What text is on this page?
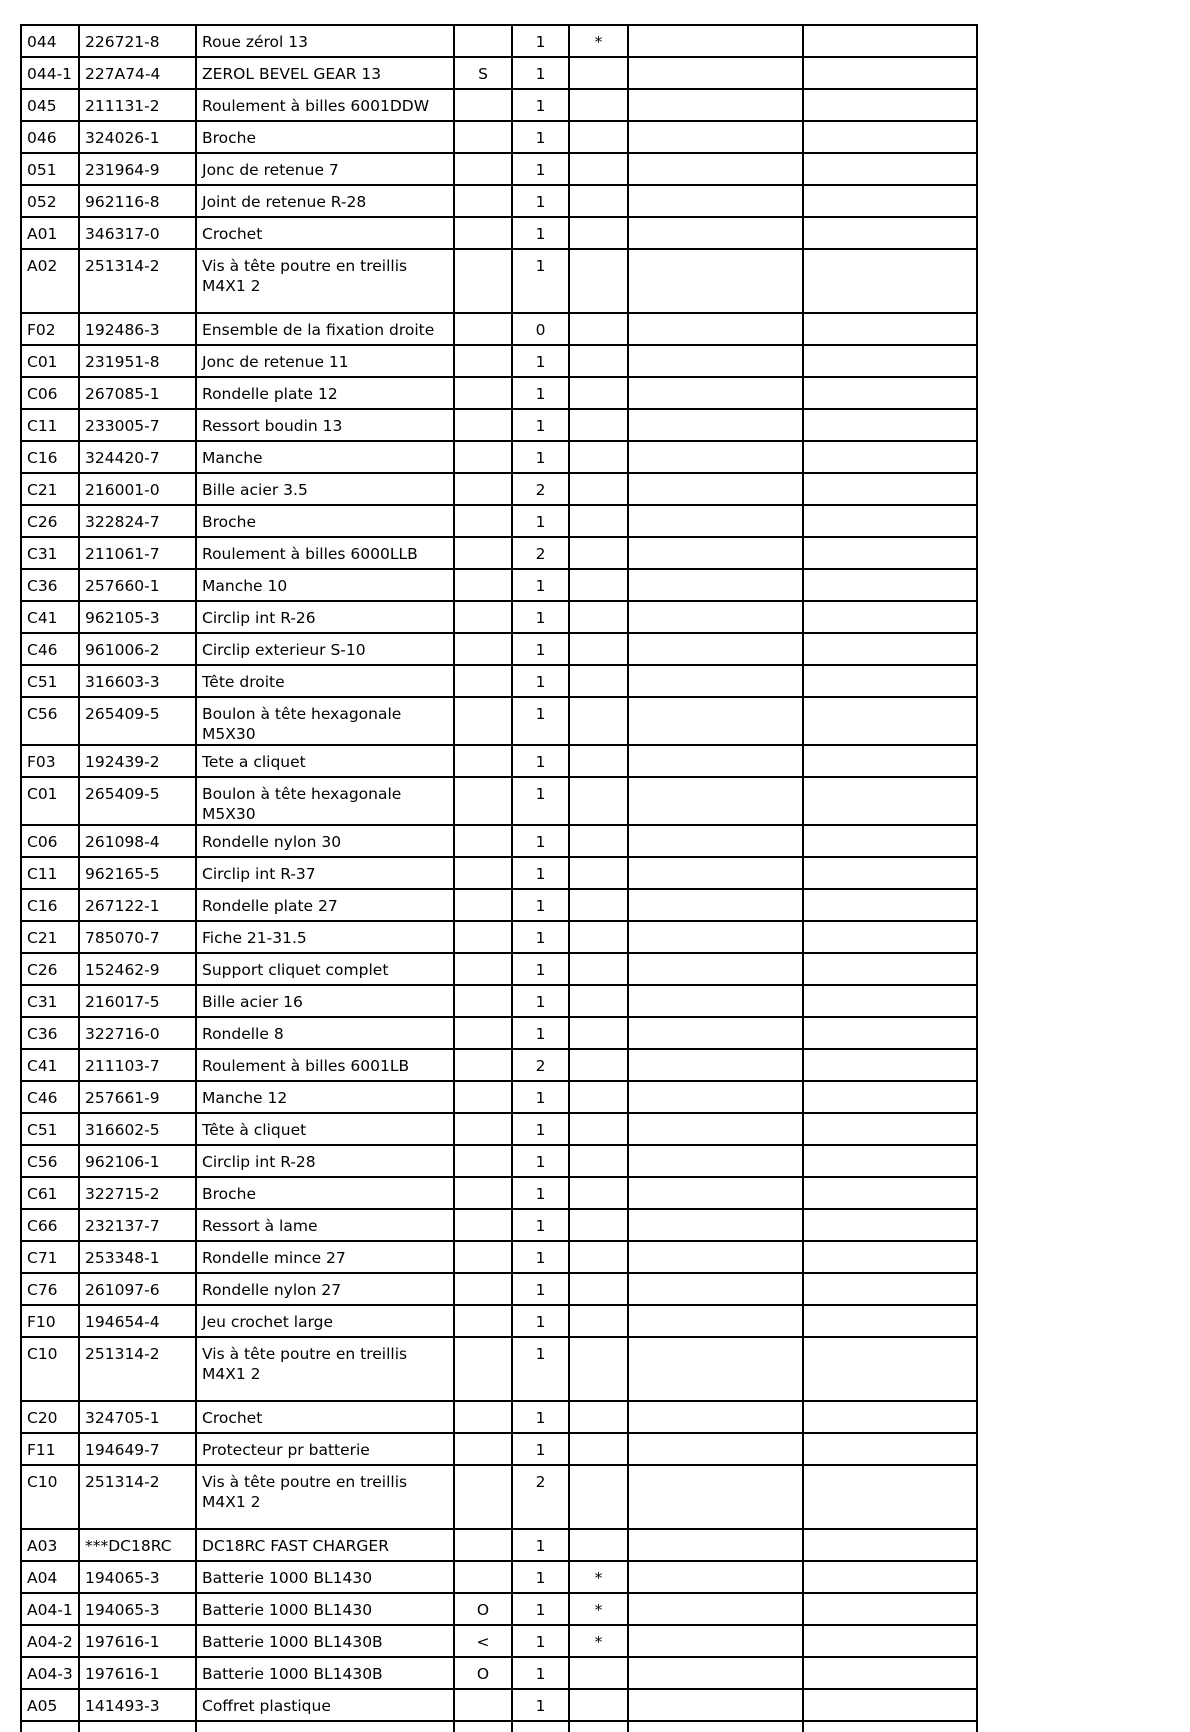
044	226721-8	Roue zérol 13		1	*		
044-1	227A74-4	ZEROL BEVEL GEAR 13	S	1			
045	211131-2	Roulement à billes 6001DDW		1			
046	324026-1	Broche		1			
051	231964-9	Jonc de retenue 7		1			
052	962116-8	Joint de retenue R-28		1			
A01	346317-0	Crochet		1			
A02	251314-2	Vis à tête poutre en treillis M4X1 2		1			
F02	192486-3	Ensemble de la fixation droite		0			
C01	231951-8	Jonc de retenue 11		1			
C06	267085-1	Rondelle plate 12		1			
C11	233005-7	Ressort boudin 13		1			
C16	324420-7	Manche		1			
C21	216001-0	Bille acier 3.5		2			
C26	322824-7	Broche		1			
C31	211061-7	Roulement à billes 6000LLB		2			
C36	257660-1	Manche 10		1			
C41	962105-3	Circlip int R-26		1			
C46	961006-2	Circlip exterieur S-10		1			
C51	316603-3	Tête droite		1			
C56	265409-5	Boulon à tête hexagonale M5X30		1			
F03	192439-2	Tete a cliquet		1			
C01	265409-5	Boulon à tête hexagonale M5X30		1			
C06	261098-4	Rondelle nylon 30		1			
C11	962165-5	Circlip int R-37		1			
C16	267122-1	Rondelle plate 27		1			
C21	785070-7	Fiche 21-31.5		1			
C26	152462-9	Support cliquet complet		1			
C31	216017-5	Bille acier 16		1			
C36	322716-0	Rondelle 8		1			
C41	211103-7	Roulement à billes 6001LB		2			
C46	257661-9	Manche 12		1			
C51	316602-5	Tête à cliquet		1			
C56	962106-1	Circlip int R-28		1			
C61	322715-2	Broche		1			
C66	232137-7	Ressort à lame		1			
C71	253348-1	Rondelle mince 27		1			
C76	261097-6	Rondelle nylon 27		1			
F10	194654-4	Jeu crochet large		1			
C10	251314-2	Vis à tête poutre en treillis M4X1 2		1			
C20	324705-1	Crochet		1			
F11	194649-7	Protecteur pr batterie		1			
C10	251314-2	Vis à tête poutre en treillis M4X1 2		2			
A03	***DC18RC	DC18RC FAST CHARGER		1			
A04	194065-3	Batterie 1000 BL1430		1	*		
A04-1	194065-3	Batterie 1000 BL1430	O	1	*		
A04-2	197616-1	Batterie 1000 BL1430B	<	1	*		
A04-3	197616-1	Batterie 1000 BL1430B	O	1			
A05	141493-3	Coffret plastique		1			
